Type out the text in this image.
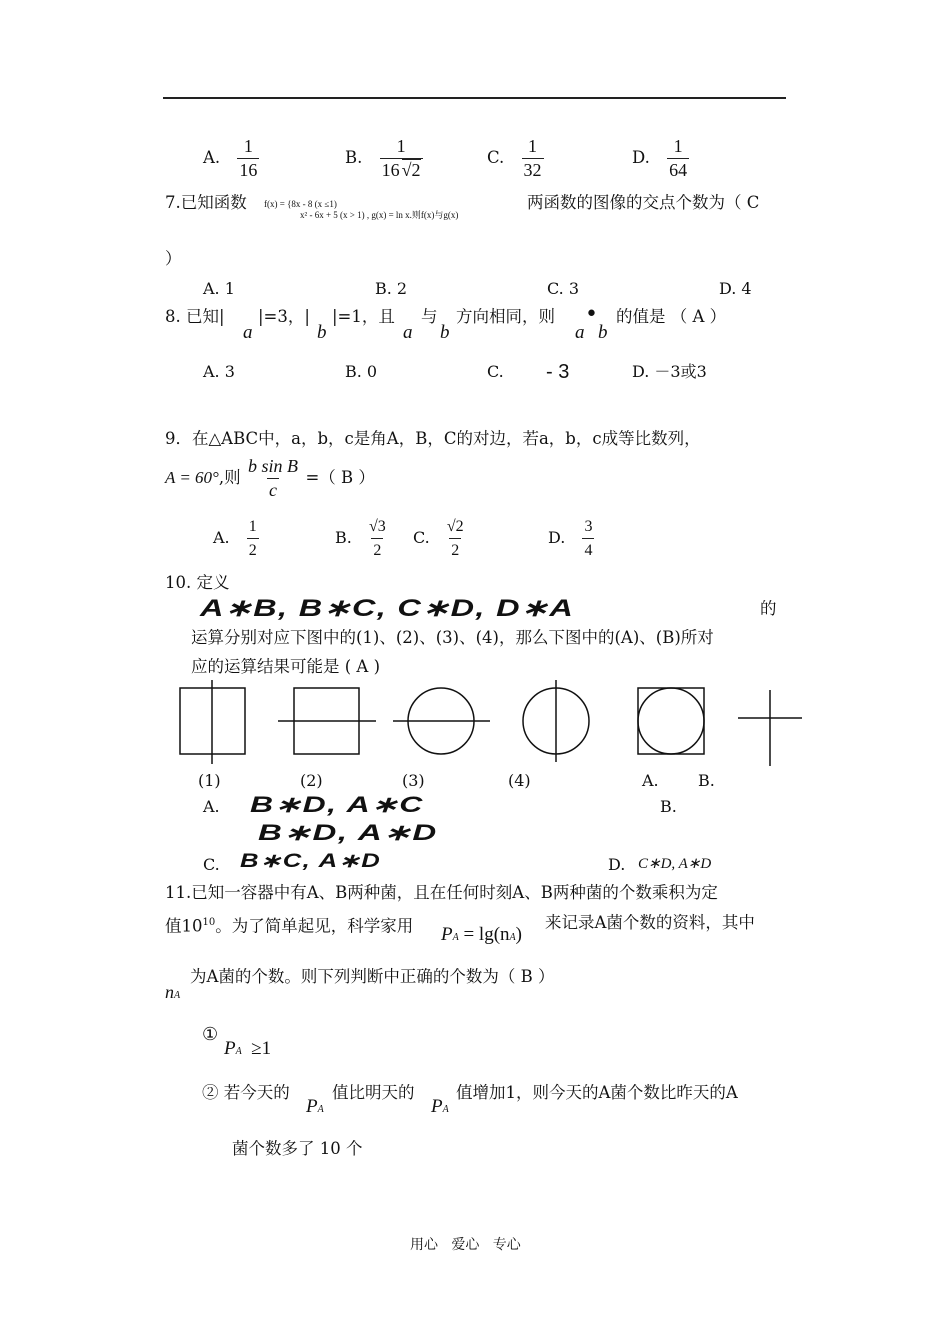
A. $\frac{1}{16}$	B. $\frac{1}{16 √2}$	C. $\frac{1}{32}$	D. $\frac{1}{64}$
7.已知函数 f(x) = {8x - 8 (x ≤1)
x² - 6x + 5 (x > 1) , g(x) = ln x.则f(x)与g(x)
两函数的图像的交点个数为（ C
）
A. 1	B. 2	C. 3	D. 4
8. 已知|
a
|=3，|
b
|=1，且
a
与
b
方向相同，则
a
•
b
的值是 （ A ）
A. 3	B. 0	C. - 3	D. －3或3
9．在△ABC中，a，b，c是角A，B，C的对边，若a，b，c成等比数列，
A = 60°,则 $\frac{\text{b sin B}}{c}$ =（ B ）
A. $\frac{1}{2}$	B. $\frac{√3}{2} C$. $\frac{√2}{2}$	D. $\frac{3}{4}$
10. 定义
A∗B, B∗C, C∗D, D∗A	的
运算分别对应下图中的(1)、(2)、(3)、(4)，那么下图中的(A)、(B)所对
应的运算结果可能是 ( A )
(1)	(2)	(3)	(4)	A. B.
A. B∗D, A∗C	B.
B∗D, A∗D
C. B∗C, A∗D	D. C∗D, A∗D
11.已知一容器中有A、B两种菌，且在任何时刻A、B两种菌的个数乘积为定
值$10^{10}$。为了简单起见，科学家用 PA = lg(nA)
来记录A菌个数的资料，其中
nA
为A菌的个数。则下列判断中正确的个数为（ B ）
①
PA ≥1
② 若今天的
PA
值比明天的
PA
值增加1，则今天的A菌个数比昨天的A
菌个数多了 10 个
用心   爱心   专心
